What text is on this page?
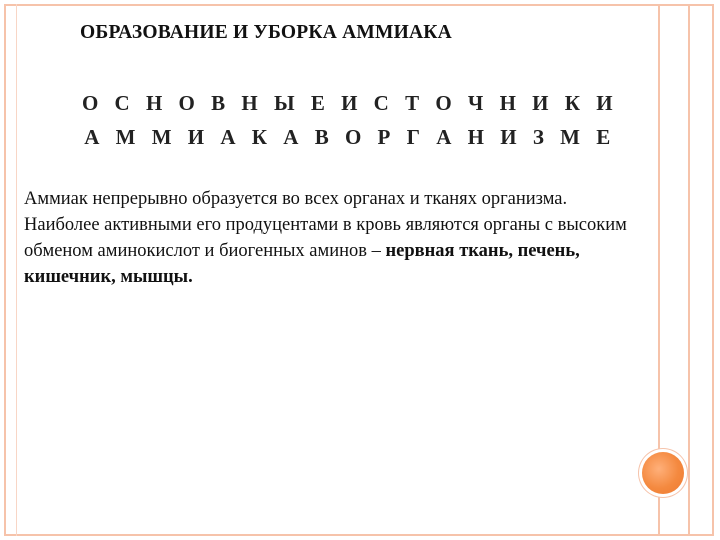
ОБРАЗОВАНИЕ И УБОРКА АММИАКА
О С Н О В Н Ы Е И С Т О Ч Н И К И
А М М И А К А В О Р Г А Н И З М Е
Аммиак непрерывно образуется во всех органах и тканях организма. Наиболее активными его продуцентами в кровь являются органы с высоким обменом аминокислот и биогенных аминов – нервная ткань, печень, кишечник, мышцы.
